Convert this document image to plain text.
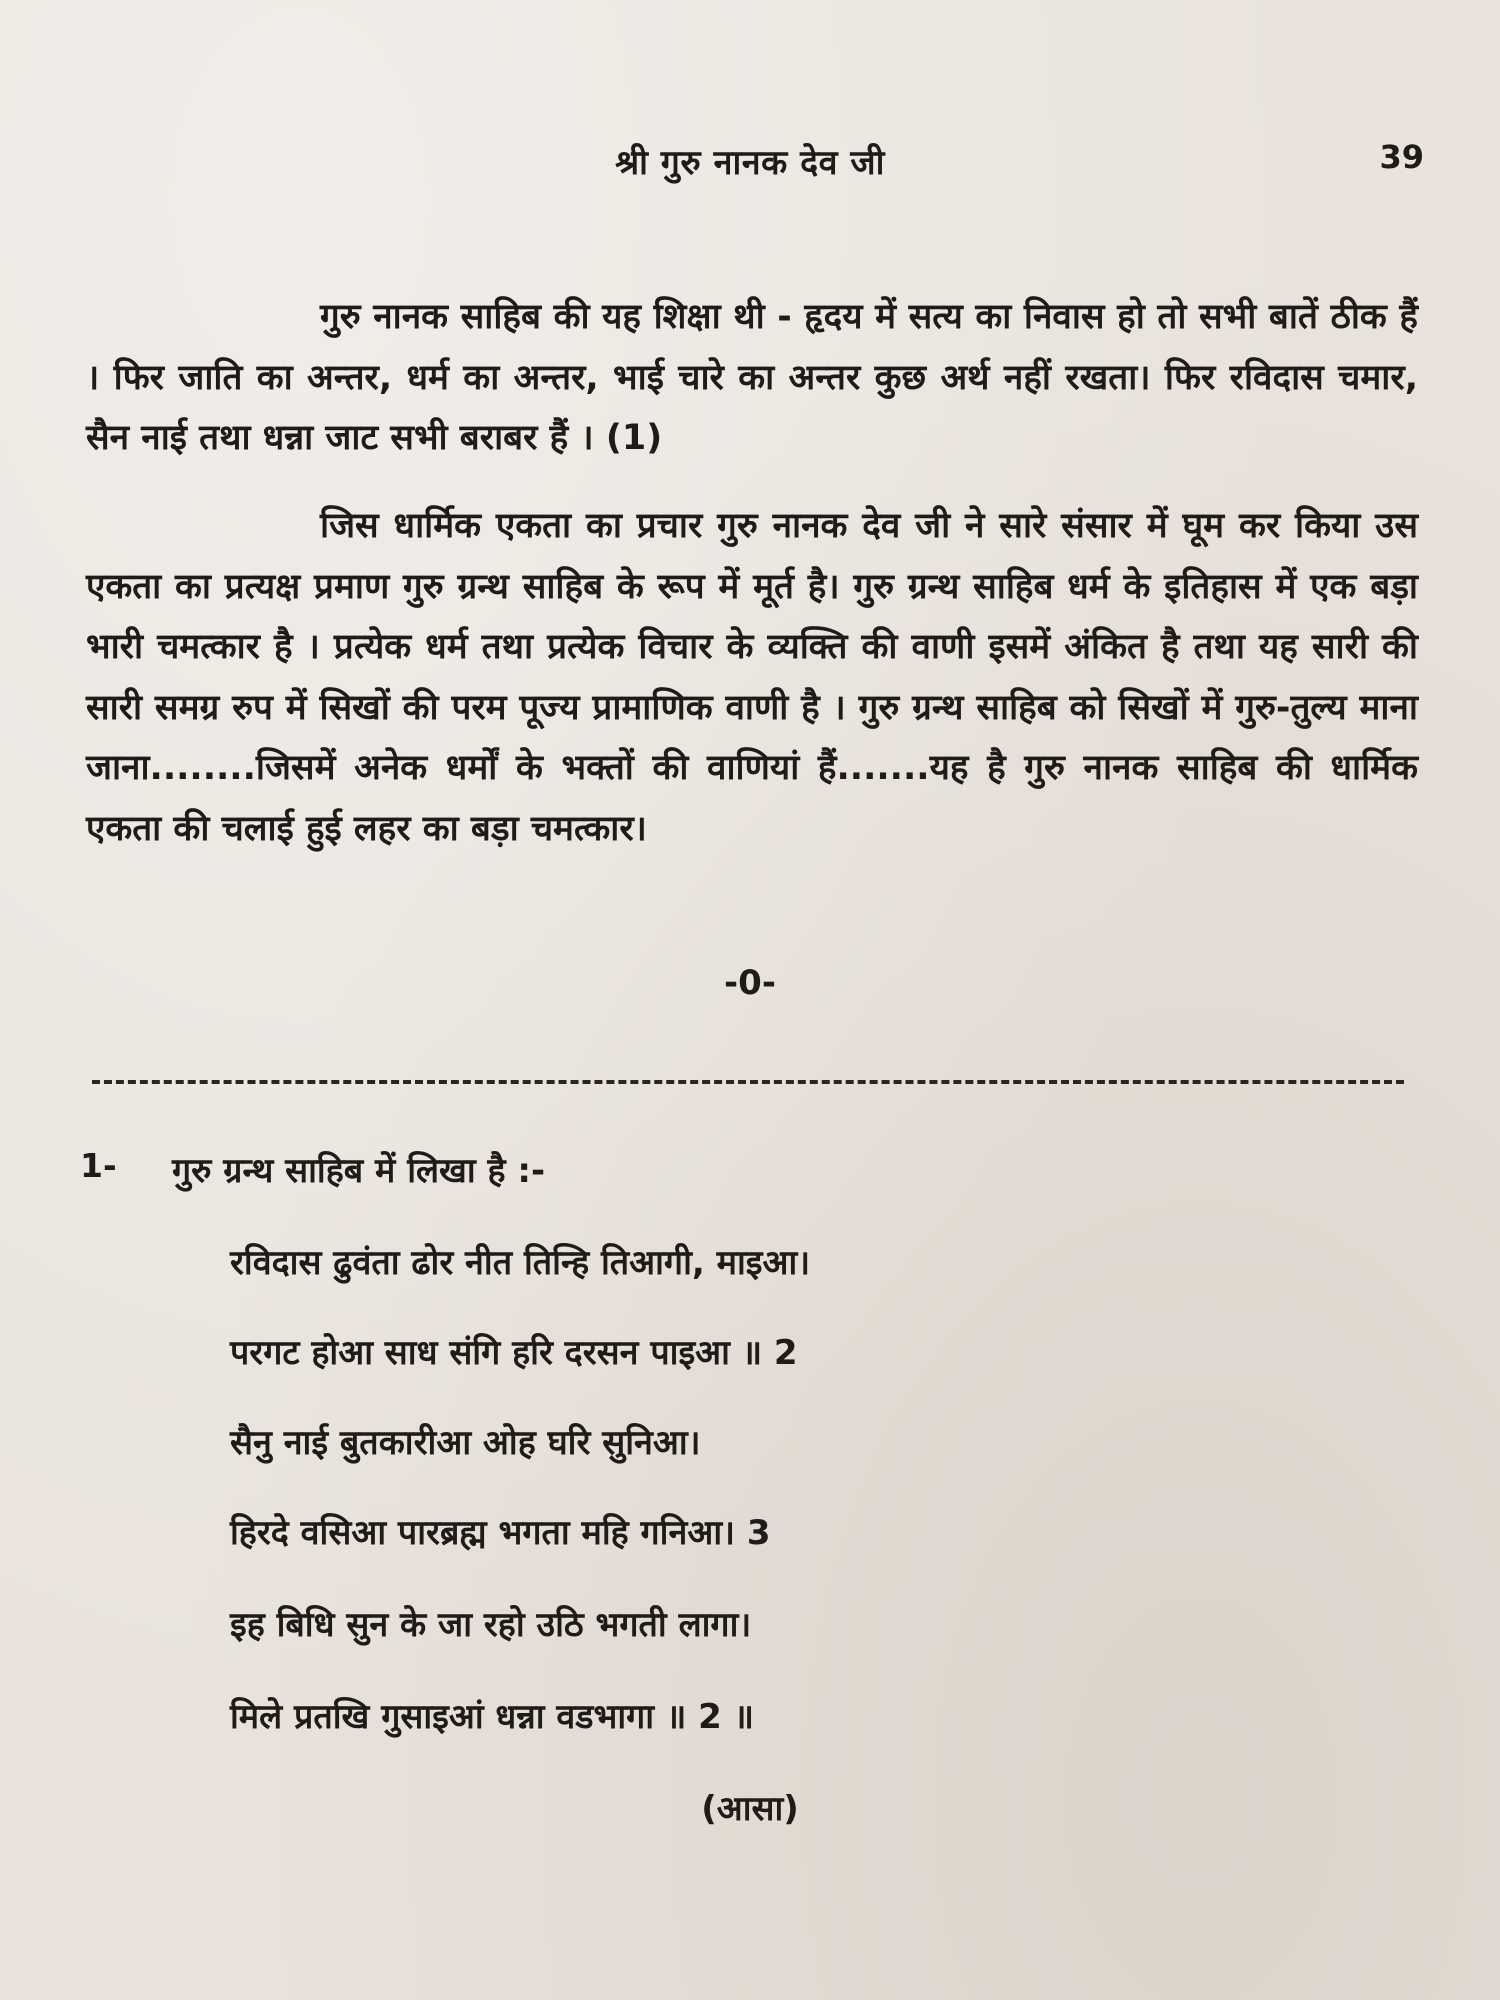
श्री गुरु नानक देव जी	39

गुरु नानक साहिब की यह शिक्षा थी - हृदय में सत्य का निवास हो तो सभी बातें ठीक हैं । फिर जाति का अन्तर, धर्म का अन्तर, भाई चारे का अन्तर कुछ अर्थ नहीं रखता। फिर रविदास चमार, सैन नाई तथा धन्ना जाट सभी बराबर हैं । (1)

जिस धार्मिक एकता का प्रचार गुरु नानक देव जी ने सारे संसार में घूम कर किया उस एकता का प्रत्यक्ष प्रमाण गुरु ग्रन्थ साहिब के रूप में मूर्त है। गुरु ग्रन्थ साहिब धर्म के इतिहास में एक बड़ा भारी चमत्कार है । प्रत्येक धर्म तथा प्रत्येक विचार के व्यक्ति की वाणी इसमें अंकित है तथा यह सारी की सारी समग्र रुप में सिखों की परम पूज्य प्रामाणिक वाणी है । गुरु ग्रन्थ साहिब को सिखों में गुरु-तुल्य माना जाना........जिसमें अनेक धर्मों के भक्तों की वाणियां हैं.......यह है गुरु नानक साहिब की धार्मिक एकता की चलाई हुई लहर का बड़ा चमत्कार।

-0-
1- गुरु ग्रन्थ साहिब में लिखा है :-
रविदास ढुवंता ढोर नीत तिन्हि तिआगी, माइआ।
परगट होआ साध संगि हरि दरसन पाइआ ॥ 2
सैनु नाई बुतकारीआ ओह घरि सुनिआ।
हिरदे वसिआ पारब्रह्म भगता महि गनिआ। 3
इह बिधि सुन के जा रहो उठि भगती लागा।
मिले प्रतखि गुसाइआं धन्ना वडभागा ॥ 2 ॥
(आसा)
